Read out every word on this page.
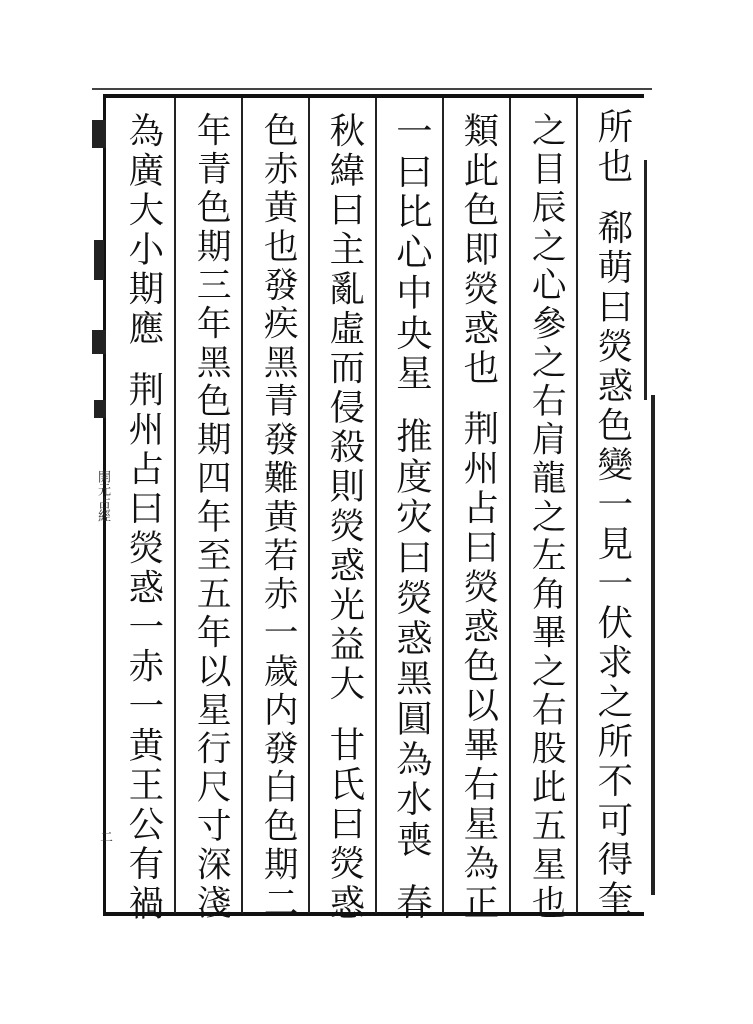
開元占經
二
所也
郗萌曰熒惑色變一見一伏求之所不可得奎
之目辰之心參之右肩龍之左角畢之右股此五星也
類此色即熒惑也
荆州占曰熒惑色以畢右星為正
一曰比心中央星
推度灾曰熒惑黑圓為水喪
春
秋緯曰主亂虛而侵殺則熒惑光益大
甘氏曰熒惑
色赤黄也發疾黑青發難黄若赤一歲内發白色期二
年青色期三年黑色期四年至五年以星行尺寸深淺
為廣大小期應
荆州占曰熒惑一赤一黄王公有禍
